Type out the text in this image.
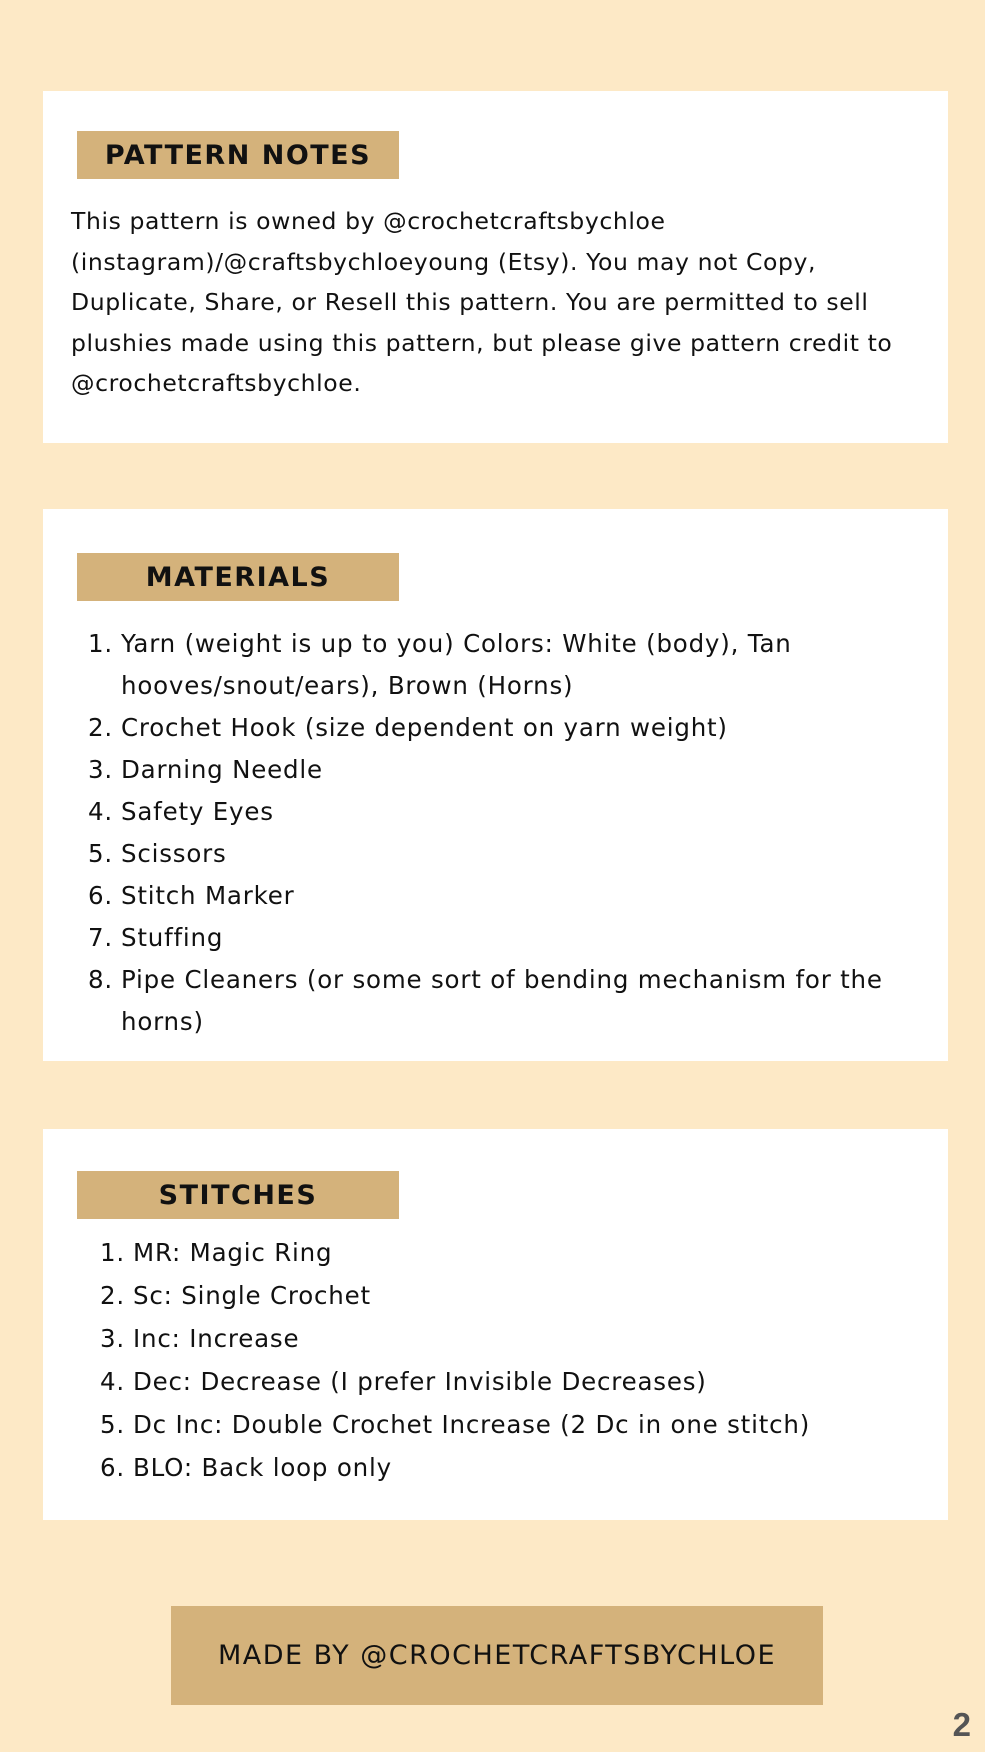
PATTERN NOTES

This pattern is owned by @crochetcraftsbychloe (instagram)/@craftsbychloeyoung (Etsy). You may not Copy, Duplicate, Share, or Resell this pattern. You are permitted to sell plushies made using this pattern, but please give pattern credit to @crochetcraftsbychloe.

MATERIALS
1. Yarn (weight is up to you) Colors: White (body), Tan hooves/snout/ears), Brown (Horns)
2. Crochet Hook (size dependent on yarn weight)
3. Darning Needle
4. Safety Eyes
5. Scissors
6. Stitch Marker
7. Stuffing
8. Pipe Cleaners (or some sort of bending mechanism for the horns)
STITCHES
1. MR: Magic Ring
2. Sc: Single Crochet
3. Inc: Increase
4. Dec: Decrease (I prefer Invisible Decreases)
5. Dc Inc: Double Crochet Increase (2 Dc in one stitch)
6. BLO: Back loop only
MADE BY @CROCHETCRAFTSBYCHLOE
2
